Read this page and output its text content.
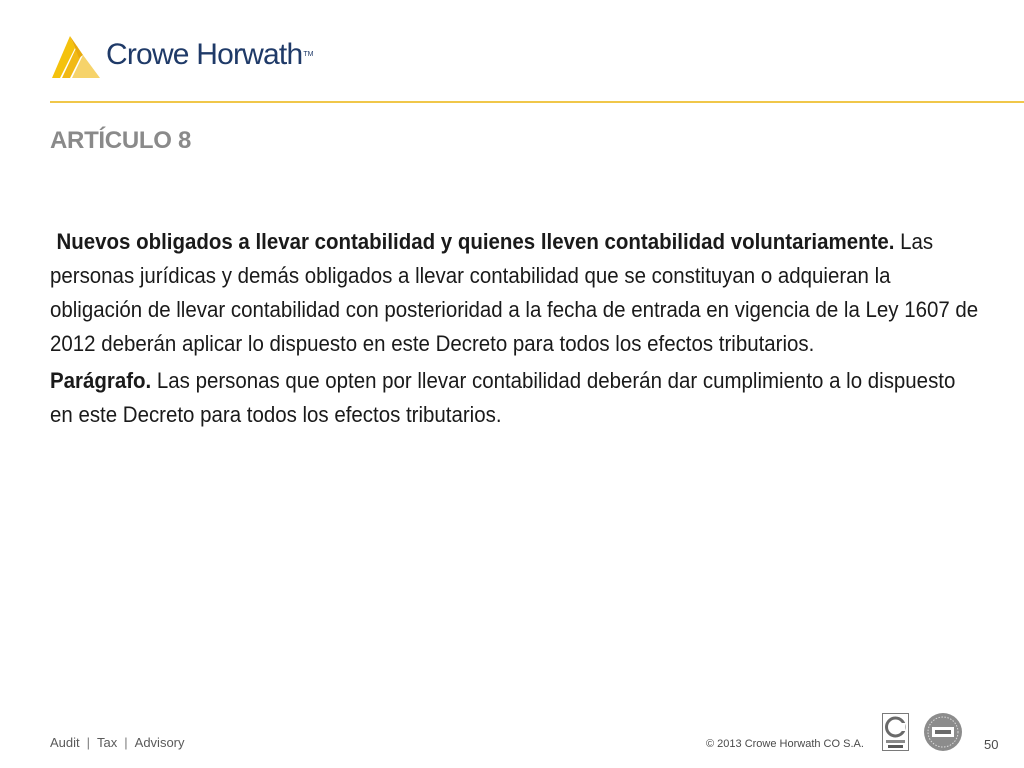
Crowe Horwath TM
ARTÍCULO 8

Nuevos obligados a llevar contabilidad y quienes lleven contabilidad voluntariamente. Las personas jurídicas y demás obligados a llevar contabilidad que se constituyan o adquieran la obligación de llevar contabilidad con posterioridad a la fecha de entrada en vigencia de la Ley 1607 de 2012 deberán aplicar lo dispuesto en este Decreto para todos los efectos tributarios.

Parágrafo. Las personas que opten por llevar contabilidad deberán dar cumplimiento a lo dispuesto en este Decreto para todos los efectos tributarios.

Audit | Tax | Advisory	© 2013 Crowe Horwath CO S.A.	50
